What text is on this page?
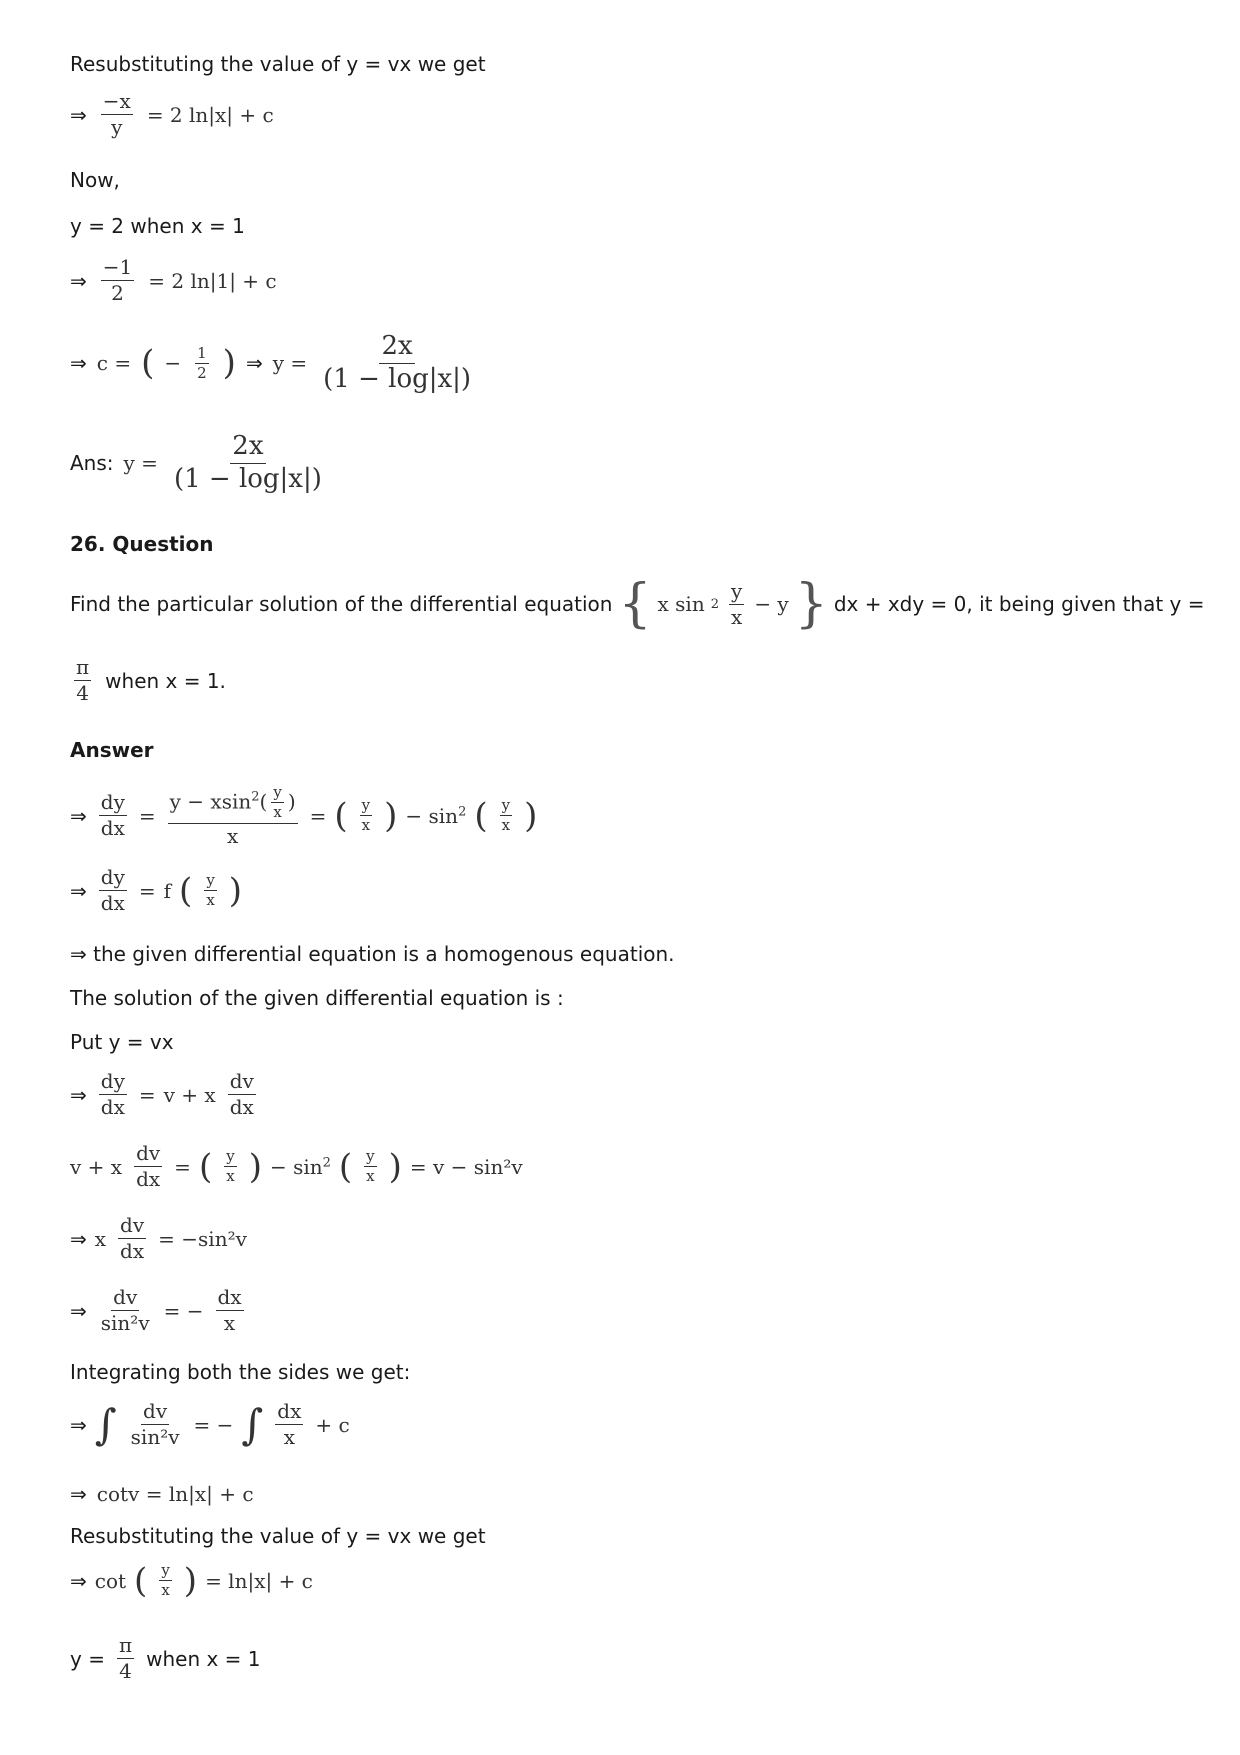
Resubstituting the value of y = vx we get
⇒ $\frac{-x}{y} = 2$ ln|x| + c
Now,
y = 2 when x = 1
⇒ $\frac{-1}{2} = 2$ ln|1| + c
⇒ c = ( − $\frac{1}{2}$ ) ⇒ $y = \frac{2x}{(1 - \log|x|)}$
Ans: $y = \frac{2x}{(1 - \log|x|)}$
26. Question
Find the particular solution of the differential equation { x $\sin 2 \frac{y}{x} - y$ } dx + xdy = 0, it being given that y =
$\frac{\pi}{4}$ when x = 1.
Answer
⇒ $\frac{dy}{dx} = \frac{y - xsin^2( \frac{y}{x} )}{x}$ = ( $\frac{y}{x}$ ) − $\sin^2$ ( $\frac{y}{x}$ )
⇒ $\frac{dy}{dx} = f$ ( $\frac{y}{x}$ )
⇒ the given differential equation is a homogenous equation.
The solution of the given differential equation is :
Put y = vx
⇒ $\frac{dy}{dx} = v + x \frac{dv}{dx}$
v + x $\frac{dv}{dx}$ = ( $\frac{y}{x}$ ) − $\sin^2$ ( $\frac{y}{x}$ ) = v − sin²v
⇒ x $\frac{dv}{dx} = -\sin^2v$
⇒ $\frac{dv}{\text{sin²v}}$ = − $\frac{dx}{x}$
Integrating both the sides we get:
⇒ ∫ $\frac{dv}{\text{sin²v}}$ = − ∫ $\frac{dx}{x} + c$
⇒ cotv = ln|x| + c
Resubstituting the value of y = vx we get
⇒ cot ( $\frac{y}{x}$ ) = ln|x| + c
$y = \frac{\pi}{4}$ when x = 1
